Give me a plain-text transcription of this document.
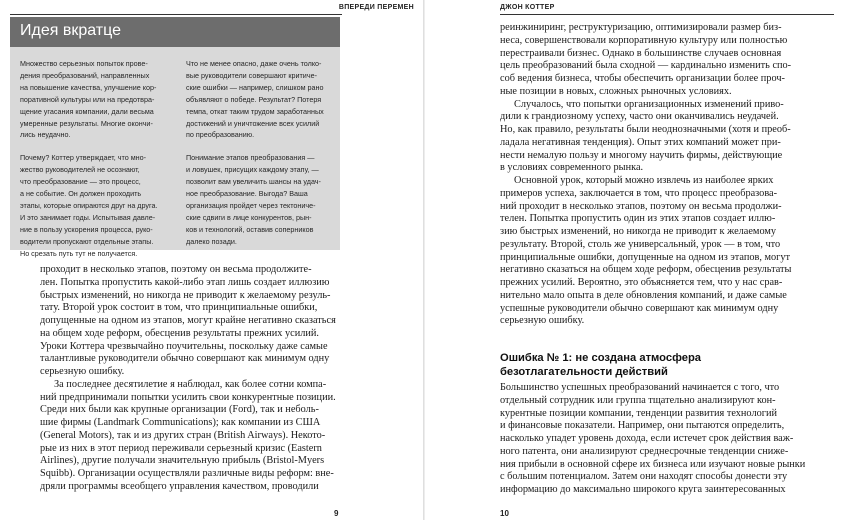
ВПЕРЕДИ ПЕРЕМЕН
Идея вкратце

Множество серьезных попыток прове-
дения преобразований, направленных
на повышение качества, улучшение кор-
поративной культуры или на предотвра-
щение угасания компании, дали весьма
умеренные результаты. Многие окончи-
лись неудачно.

Почему? Коттер утверждает, что мно-
жество руководителей не осознают,
что преобразование — это процесс,
а не событие. Он должен проходить
этапы, которые опираются друг на друга.
И это занимает годы. Испытывая давле-
ние в пользу ускорения процесса, руко-
водители пропускают отдельные этапы.
Но срезать путь тут не получается.

Что не менее опасно, даже очень толко-
вые руководители совершают критиче-
ские ошибки — например, слишком рано
объявляют о победе. Результат? Потеря
темпа, откат таким трудом заработанных
достижений и уничтожение всех усилий
по преобразованию.

Понимание этапов преобразования —
и ловушек, присущих каждому этапу, —
позволит вам увеличить шансы на удач-
ное преобразование. Выгода? Ваша
организация пройдет через тектониче-
ские сдвиги в лице конкурентов, рын-
ков и технологий, оставив соперников
далеко позади.

проходит в несколько этапов, поэтому он весьма продолжите-
лен. Попытка пропустить какой-либо этап лишь создает иллюзию
быстрых изменений, но никогда не приводит к желаемому резуль-
тату. Второй урок состоит в том, что принципиальные ошибки,
допущенные на одном из этапов, могут крайне негативно сказаться
на общем ходе реформ, обесценив результаты прежних усилий.
Уроки Коттера чрезвычайно поучительны, поскольку даже самые
талантливые руководители обычно совершают как минимум одну
серьезную ошибку.
За последнее десятилетие я наблюдал, как более сотни компа-
ний предпринимали попытки усилить свои конкурентные позиции.
Среди них были как крупные организации (Ford), так и неболь-
шие фирмы (Landmark Communications); как компании из США
(General Motors), так и из других стран (British Airways). Некото-
рые из них в этот период переживали серьезный кризис (Eastern
Airlines), другие получали значительную прибыль (Bristol-Myers
Squibb). Организации осуществляли различные виды реформ: вне-
дряли программы всеобщего управления качеством, проводили
9
ДЖОН КОТТЕР
10
реинжиниринг, реструктуризацию, оптимизировали размер биз-
неса, совершенствовали корпоративную культуру или полностью
перестраивали бизнес. Однако в большинстве случаев основная
цель преобразований была сходной — кардинально изменить спо-
соб ведения бизнеса, чтобы обеспечить организации более проч-
ные позиции в новых, сложных рыночных условиях.
Случалось, что попытки организационных изменений приво-
дили к грандиозному успеху, часто они оканчивались неудачей.
Но, как правило, результаты были неоднозначными (хотя и преоб-
ладала негативная тенденция). Опыт этих компаний может при-
нести немалую пользу и многому научить фирмы, действующие
в условиях современного рынка.
Основной урок, который можно извлечь из наиболее ярких
примеров успеха, заключается в том, что процесс преобразова-
ний проходит в несколько этапов, поэтому он весьма продолжи-
телен. Попытка пропустить один из этих этапов создает иллю-
зию быстрых изменений, но никогда не приводит к желаемому
результату. Второй, столь же универсальный, урок — в том, что
принципиальные ошибки, допущенные на одном из этапов, могут
негативно сказаться на общем ходе реформ, обесценив результаты
прежних усилий. Вероятно, это объясняется тем, что у нас срав-
нительно мало опыта в деле обновления компаний, и даже самые
успешные руководители обычно совершают как минимум одну
серьезную ошибку.
Ошибка № 1: не создана атмосфера
безотлагательности действий
Большинство успешных преобразований начинается с того, что
отдельный сотрудник или группа тщательно анализируют кон-
курентные позиции компании, тенденции развития технологий
и финансовые показатели. Например, они пытаются определить,
насколько упадет уровень дохода, если истечет срок действия важ-
ного патента, они анализируют среднесрочные тенденции сниже-
ния прибыли в основной сфере их бизнеса или изучают новые рынки
с большим потенциалом. Затем они находят способы донести эту
информацию до максимально широкого круга заинтересованных
